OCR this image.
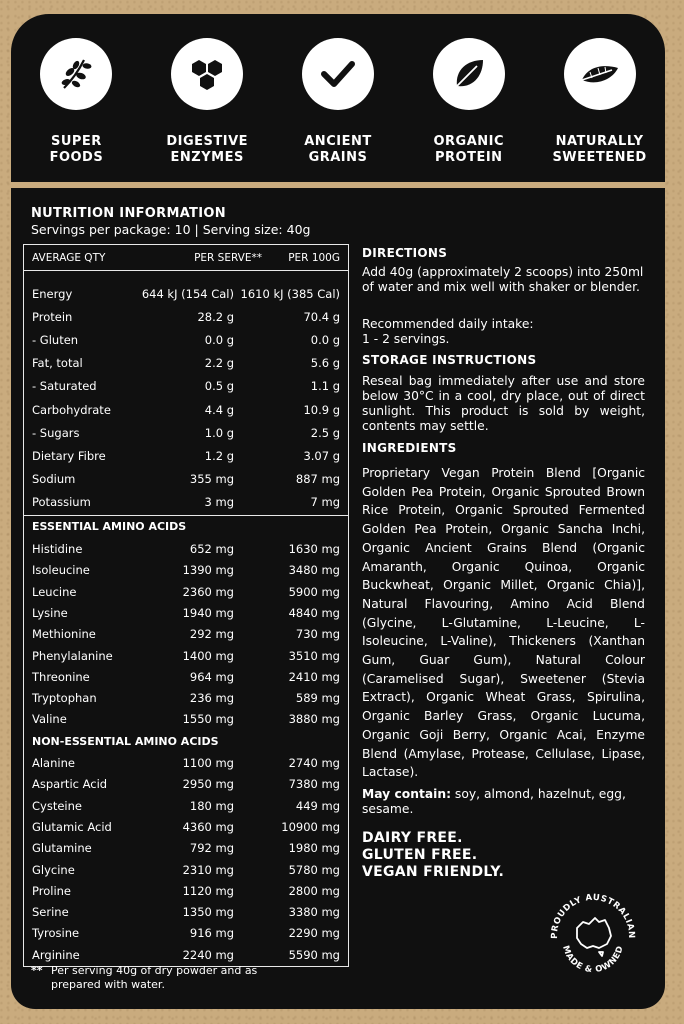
SUPER
FOODS
DIGESTIVE
ENZYMES
ANCIENT
GRAINS
ORGANIC
PROTEIN
NATURALLY
SWEETENED
NUTRITION INFORMATION
Servings per package: 10 | Serving size: 40g
AVERAGE QTY	PER SERVE** PER 100G
Energy	644 kJ (154 Cal) 1610 kJ (385 Cal)
Protein	28.2 g	70.4 g
- Gluten	0.0 g	0.0 g
Fat, total	2.2 g	5.6 g
- Saturated	0.5 g	1.1 g
Carbohydrate	4.4 g	10.9 g
- Sugars	1.0 g	2.5 g
Dietary Fibre	1.2 g	3.07 g
Sodium	355 mg	887 mg
Potassium	3 mg	7 mg
ESSENTIAL AMINO ACIDS
Histidine	652 mg	1630 mg
Isoleucine	1390 mg	3480 mg
Leucine	2360 mg	5900 mg
Lysine	1940 mg	4840 mg
Methionine	292 mg	730 mg
Phenylalanine	1400 mg	3510 mg
Threonine	964 mg	2410 mg
Tryptophan	236 mg	589 mg
Valine	1550 mg	3880 mg
NON-ESSENTIAL AMINO ACIDS
Alanine	1100 mg	2740 mg
Aspartic Acid	2950 mg	7380 mg
Cysteine	180 mg	449 mg
Glutamic Acid	4360 mg	10900 mg
Glutamine	792 mg	1980 mg
Glycine	2310 mg	5780 mg
Proline	1120 mg	2800 mg
Serine	1350 mg	3380 mg
Tyrosine	916 mg	2290 mg
Arginine	2240 mg	5590 mg
** Per serving 40g of dry powder and as prepared with water.
DIRECTIONS
Add 40g (approximately 2 scoops) into 250ml of water and mix well with shaker or blender.
Recommended daily intake:
1 - 2 servings.
STORAGE INSTRUCTIONS
Reseal bag immediately after use and store below 30°C in a cool, dry place, out of direct sunlight. This product is sold by weight, contents may settle.
INGREDIENTS
Proprietary Vegan Protein Blend [Organic Golden Pea Protein, Organic Sprouted Brown Rice Protein, Organic Sprouted Fermented Golden Pea Protein, Organic Sancha Inchi, Organic Ancient Grains Blend (Organic Amaranth, Organic Quinoa, Organic Buckwheat, Organic Millet, Organic Chia)], Natural Flavouring, Amino Acid Blend (Glycine, L-Glutamine, L-Leucine, L-Isoleucine, L-Valine), Thickeners (Xanthan Gum, Guar Gum), Natural Colour (Caramelised Sugar), Sweetener (Stevia Extract), Organic Wheat Grass, Spirulina, Organic Barley Grass, Organic Lucuma, Organic Goji Berry, Organic Acai, Enzyme Blend (Amylase, Protease, Cellulase, Lipase, Lactase).
May contain: soy, almond, hazelnut, egg, sesame.
DAIRY FREE.
GLUTEN FREE.
VEGAN FRIENDLY.
PROUDLY AUSTRALIAN
MADE & OWNED
